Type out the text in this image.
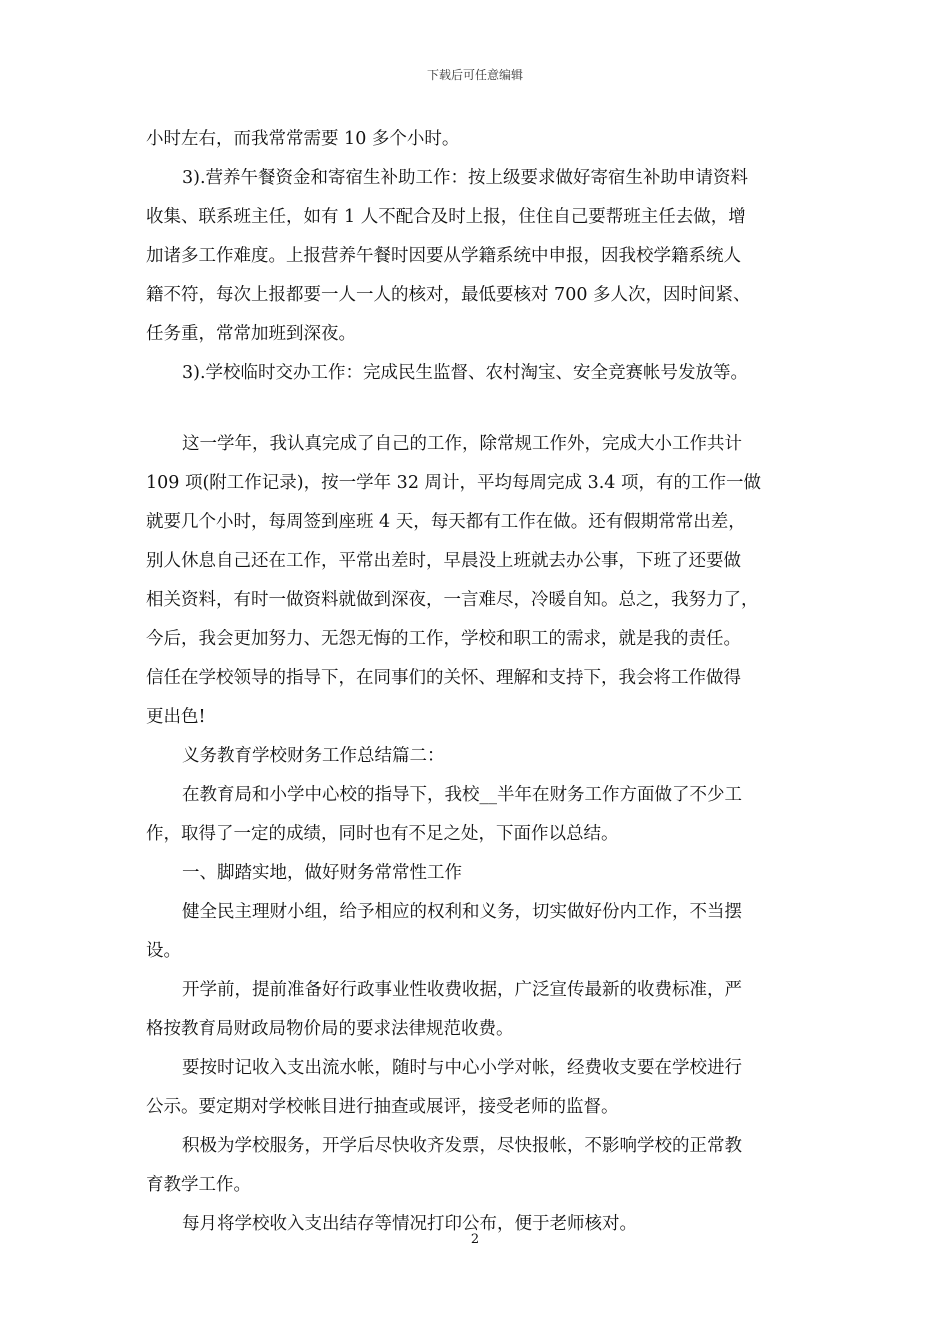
下载后可任意编辑
小时左右，而我常常需要 10 多个小时。
3).营养午餐资金和寄宿生补助工作：按上级要求做好寄宿生补助申请资料
收集、联系班主任，如有 1 人不配合及时上报，住住自己要帮班主任去做，增
加诸多工作难度。上报营养午餐时因要从学籍系统中申报，因我校学籍系统人
籍不符，每次上报都要一人一人的核对，最低要核对 700 多人次，因时间紧、
任务重，常常加班到深夜。
3).学校临时交办工作：完成民生监督、农村淘宝、安全竞赛帐号发放等。
这一学年，我认真完成了自己的工作，除常规工作外，完成大小工作共计
109 项(附工作记录)，按一学年 32 周计，平均每周完成 3.4 项，有的工作一做
就要几个小时，每周签到座班 4 天，每天都有工作在做。还有假期常常出差，
别人休息自己还在工作，平常出差时，早晨没上班就去办公事，下班了还要做
相关资料，有时一做资料就做到深夜，一言难尽，冷暖自知。总之，我努力了，
今后，我会更加努力、无怨无悔的工作，学校和职工的需求，就是我的责任。
信任在学校领导的指导下，在同事们的关怀、理解和支持下，我会将工作做得
更出色!
义务教育学校财务工作总结篇二：
在教育局和小学中心校的指导下，我校__半年在财务工作方面做了不少工
作，取得了一定的成绩，同时也有不足之处，下面作以总结。
一、脚踏实地，做好财务常常性工作
健全民主理财小组，给予相应的权利和义务，切实做好份内工作，不当摆
设。
开学前，提前准备好行政事业性收费收据，广泛宣传最新的收费标准，严
格按教育局财政局物价局的要求法律规范收费。
要按时记收入支出流水帐，随时与中心小学对帐，经费收支要在学校进行
公示。要定期对学校帐目进行抽查或展评，接受老师的监督。
积极为学校服务，开学后尽快收齐发票，尽快报帐，不影响学校的正常教
育教学工作。
每月将学校收入支出结存等情况打印公布，便于老师核对。
2
